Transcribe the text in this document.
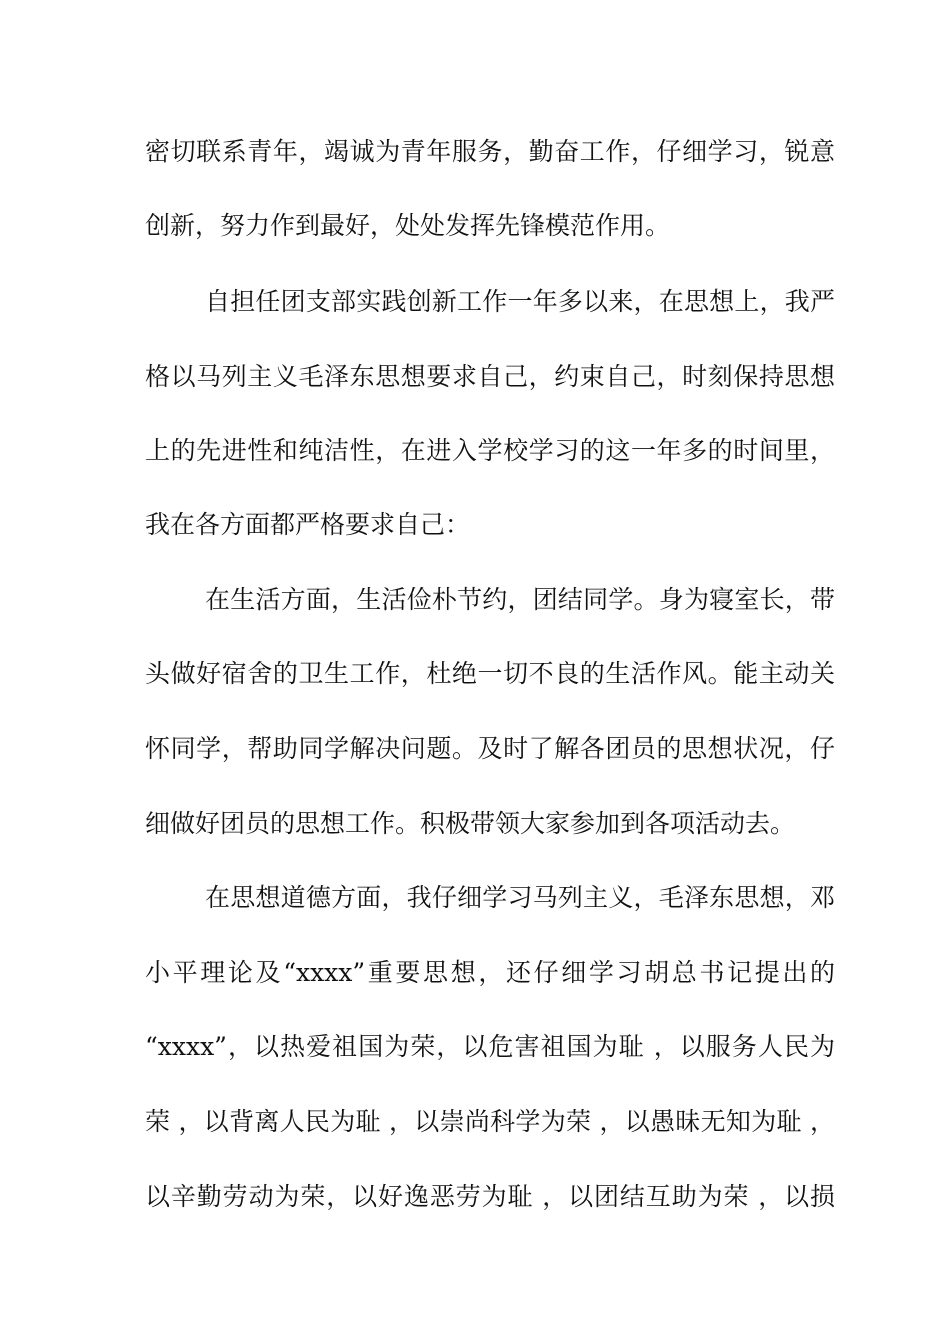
密切联系青年，竭诚为青年服务，勤奋工作，仔细学习，锐意
创新，努力作到最好，处处发挥先锋模范作用。
自担任团支部实践创新工作一年多以来，在思想上，我严
格以马列主义毛泽东思想要求自己，约束自己，时刻保持思想
上的先进性和纯洁性，在进入学校学习的这一年多的时间里，
我在各方面都严格要求自己：
在生活方面，生活俭朴节约，团结同学。身为寝室长，带
头做好宿舍的卫生工作，杜绝一切不良的生活作风。能主动关
怀同学，帮助同学解决问题。及时了解各团员的思想状况，仔
细做好团员的思想工作。积极带领大家参加到各项活动去。
在思想道德方面，我仔细学习马列主义，毛泽东思想，邓
小平理论及“xxxx”重要思想，还仔细学习胡总书记提出的
“xxxx”，以热爱祖国为荣，以危害祖国为耻 ，以服务人民为
荣 ，以背离人民为耻 ，以崇尚科学为荣 ，以愚昧无知为耻 ，
以辛勤劳动为荣，以好逸恶劳为耻 ，以团结互助为荣 ，以损
